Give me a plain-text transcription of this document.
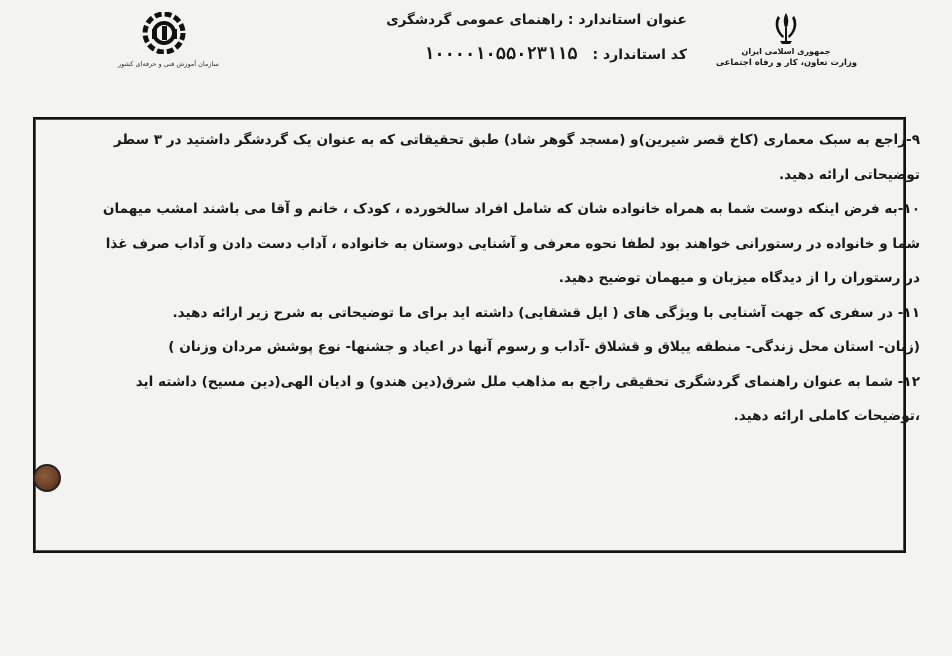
جمهوری اسلامی ایران
وزارت تعاون، کار و رفاه اجتماعی
عنوان استاندارد : راهنمای عمومی گردشگری
کد استاندارد : ۱۰۰۰۰۱۰۵۵۰۲۳۱۱۵
سازمان آموزش فنی و حرفه‌ای کشور

۹-راجع به سبک معماری (کاخ قصر شیرین)و (مسجد گوهر شاد) طبق تحقیقاتی که به عنوان یک گردشگر داشتید در ۳ سطر

توضیحاتی ارائه دهید.

۱۰-به فرض اینکه دوست شما به همراه خانواده شان که شامل افراد سالخورده ، کودک ، خانم و آقا می باشند امشب میهمان

شما و خانواده در رستورانی خواهند بود لطفا نحوه معرفی و آشنایی دوستان به خانواده ، آداب دست دادن و آداب صرف غذا

در رستوران را از دیدگاه میزبان و میهمان توضیح دهید.

۱۱- در سفری که جهت آشنایی با ویژگی های ( ایل قشقایی) داشته اید برای ما توضیحاتی به شرح زیر ارائه دهید.

(زبان- استان محل زندگی- منطقه ییلاق و قشلاق -آداب و رسوم آنها در اعیاد و جشنها- نوع پوشش مردان وزنان )

۱۲- شما به عنوان راهنمای گردشگری تحقیقی راجع به مذاهب ملل شرق(دین هندو) و ادیان الهی(دین مسیح) داشته اید

،توضیحات کاملی ارائه دهید.
